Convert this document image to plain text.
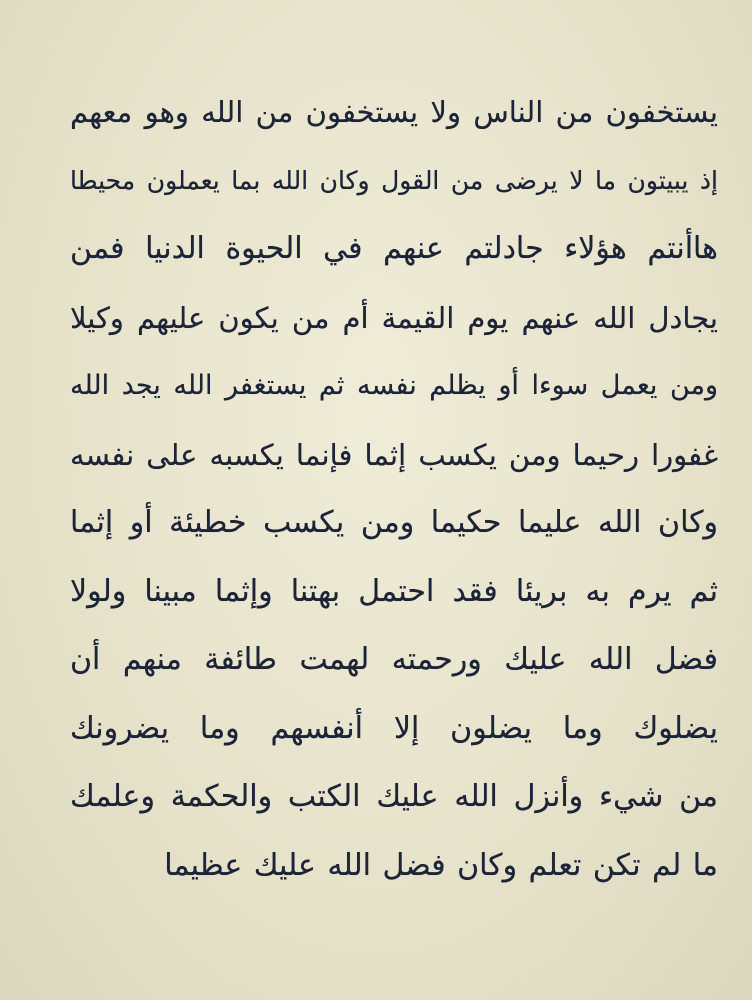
يستخفون من الناس ولا يستخفون من الله وهو معهم
إذ يبيتون ما لا يرضى من القول وكان الله بما يعملون محيطا
هاأنتم هؤلاء جادلتم عنهم في الحيوة الدنيا فمن
يجادل الله عنهم يوم القيمة أم من يكون عليهم وكيلا
ومن يعمل سوءا أو يظلم نفسه ثم يستغفر الله يجد الله
غفورا رحيما ومن يكسب إثما فإنما يكسبه على نفسه
وكان الله عليما حكيما ومن يكسب خطيئة أو إثما
ثم يرم به بريئا فقد احتمل بهتنا وإثما مبينا ولولا
فضل الله عليك ورحمته لهمت طائفة منهم أن
يضلوك وما يضلون إلا أنفسهم وما يضرونك
من شيء وأنزل الله عليك الكتب والحكمة وعلمك
ما لم تكن تعلم وكان فضل الله عليك عظيما
